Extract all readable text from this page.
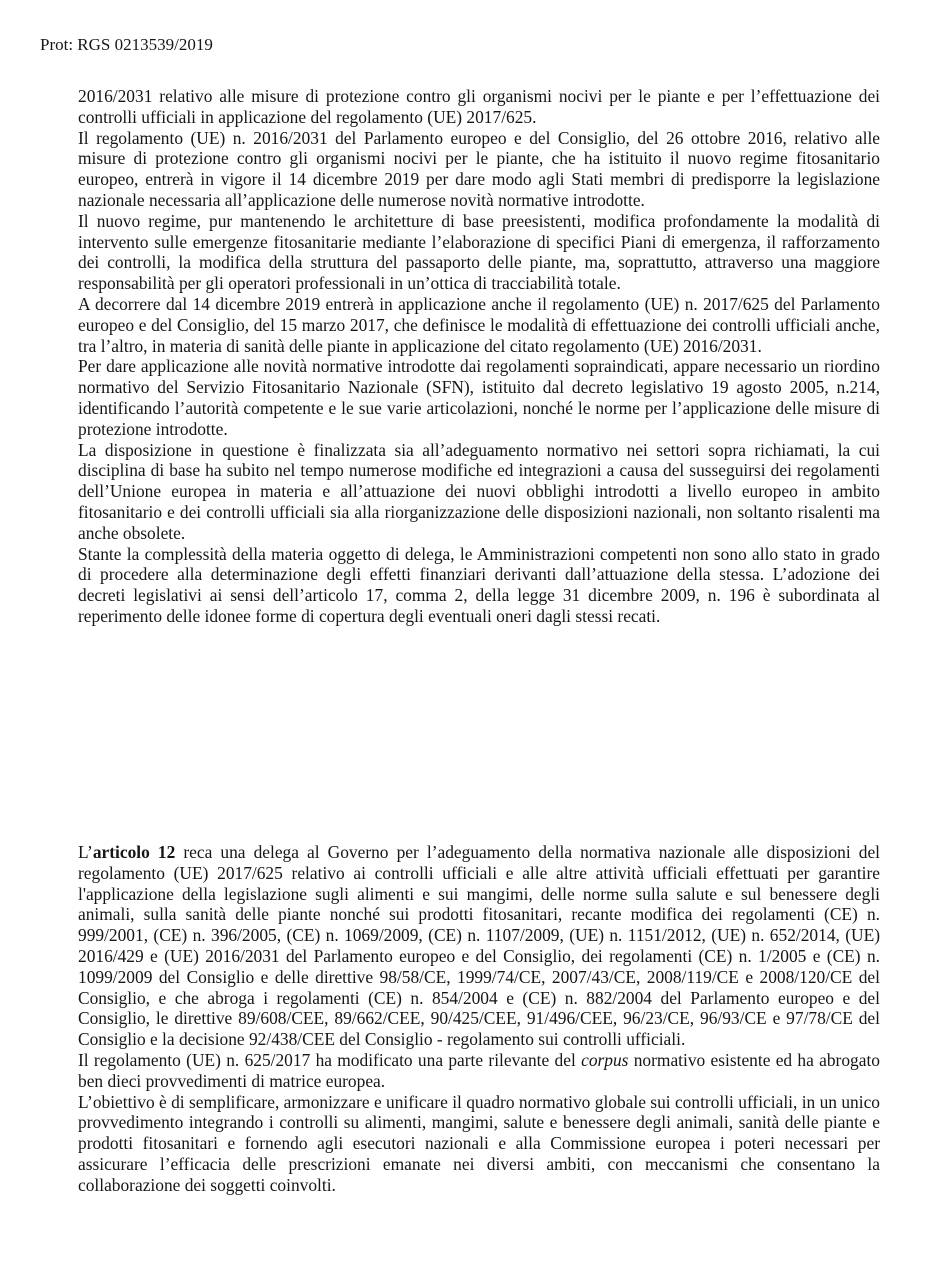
Prot: RGS 0213539/2019

2016/2031 relativo alle misure di protezione contro gli organismi nocivi per le piante e per l’effettuazione dei controlli ufficiali in applicazione del regolamento (UE) 2017/625.

Il regolamento (UE) n. 2016/2031 del Parlamento europeo e del Consiglio, del 26 ottobre 2016, relativo alle misure di protezione contro gli organismi nocivi per le piante, che ha istituito il nuovo regime fitosanitario europeo, entrerà in vigore il 14 dicembre 2019 per dare modo agli Stati membri di predisporre la legislazione nazionale necessaria all’applicazione delle numerose novità normative introdotte.

Il nuovo regime, pur mantenendo le architetture di base preesistenti, modifica profondamente la modalità di intervento sulle emergenze fitosanitarie mediante l’elaborazione di specifici Piani di emergenza, il rafforzamento dei controlli, la modifica della struttura del passaporto delle piante, ma, soprattutto, attraverso una maggiore responsabilità per gli operatori professionali in un’ottica di tracciabilità totale.

A decorrere dal 14 dicembre 2019 entrerà in applicazione anche il regolamento (UE) n. 2017/625 del Parlamento europeo e del Consiglio, del 15 marzo 2017, che definisce le modalità di effettuazione dei controlli ufficiali anche, tra l’altro, in materia di sanità delle piante in applicazione del citato regolamento (UE) 2016/2031.

Per dare applicazione alle novità normative introdotte dai regolamenti sopraindicati, appare necessario un riordino normativo del Servizio Fitosanitario Nazionale (SFN), istituito dal decreto legislativo 19 agosto 2005, n.214, identificando l’autorità competente e le sue varie articolazioni, nonché le norme per l’applicazione delle misure di protezione introdotte.

La disposizione in questione è finalizzata sia all’adeguamento normativo nei settori sopra richiamati, la cui disciplina di base ha subito nel tempo numerose modifiche ed integrazioni a causa del susseguirsi dei regolamenti dell’Unione europea in materia e all’attuazione dei nuovi obblighi introdotti a livello europeo in ambito fitosanitario e dei controlli ufficiali sia alla riorganizzazione delle disposizioni nazionali, non soltanto risalenti ma anche obsolete.

Stante la complessità della materia oggetto di delega, le Amministrazioni competenti non sono allo stato in grado di procedere alla determinazione degli effetti finanziari derivanti dall’attuazione della stessa. L’adozione dei decreti legislativi ai sensi dell’articolo 17, comma 2, della legge 31 dicembre 2009, n. 196 è subordinata al reperimento delle idonee forme di copertura degli eventuali oneri dagli stessi recati.

L’articolo 12 reca una delega al Governo per l’adeguamento della normativa nazionale alle disposizioni del regolamento (UE) 2017/625 relativo ai controlli ufficiali e alle altre attività ufficiali effettuati per garantire l'applicazione della legislazione sugli alimenti e sui mangimi, delle norme sulla salute e sul benessere degli animali, sulla sanità delle piante nonché sui prodotti fitosanitari, recante modifica dei regolamenti (CE) n. 999/2001, (CE) n. 396/2005, (CE) n. 1069/2009, (CE) n. 1107/2009, (UE) n. 1151/2012, (UE) n. 652/2014, (UE) 2016/429 e (UE) 2016/2031 del Parlamento europeo e del Consiglio, dei regolamenti (CE) n. 1/2005 e (CE) n. 1099/2009 del Consiglio e delle direttive 98/58/CE, 1999/74/CE, 2007/43/CE, 2008/119/CE e 2008/120/CE del Consiglio, e che abroga i regolamenti (CE) n. 854/2004 e (CE) n. 882/2004 del Parlamento europeo e del Consiglio, le direttive 89/608/CEE, 89/662/CEE, 90/425/CEE, 91/496/CEE, 96/23/CE, 96/93/CE e 97/78/CE del Consiglio e la decisione 92/438/CEE del Consiglio - regolamento sui controlli ufficiali.

Il regolamento (UE) n. 625/2017 ha modificato una parte rilevante del corpus normativo esistente ed ha abrogato ben dieci provvedimenti di matrice europea.

L’obiettivo è di semplificare, armonizzare e unificare il quadro normativo globale sui controlli ufficiali, in un unico provvedimento integrando i controlli su alimenti, mangimi, salute e benessere degli animali, sanità delle piante e prodotti fitosanitari e fornendo agli esecutori nazionali e alla Commissione europea i poteri necessari per assicurare l’efficacia delle prescrizioni emanate nei diversi ambiti, con meccanismi che consentano la collaborazione dei soggetti coinvolti.
